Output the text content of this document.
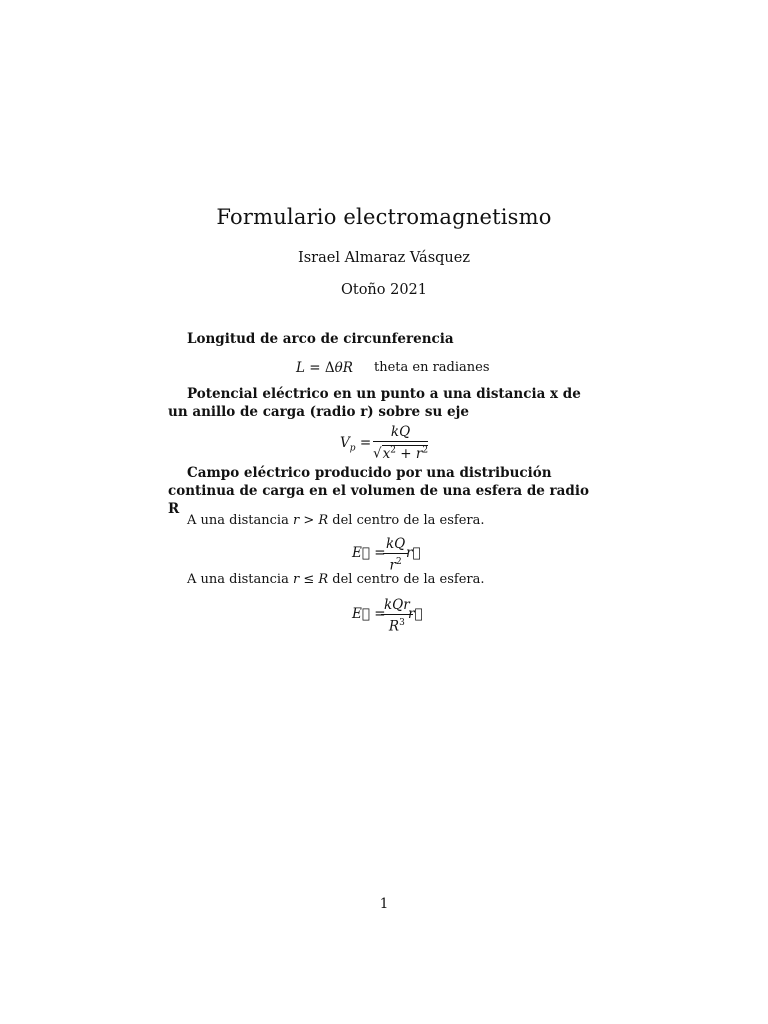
Formulario electromagnetismo
Israel Almaraz Vásquez
Otoño 2021
Longitud de arco de circunferencia
L = ΔθR theta en radianes
Potencial eléctrico en un punto a una distancia x de un anillo de carga (radio r) sobre su eje
$V_p = \frac{kQ}{√x^2 + r^2}$
Campo eléctrico producido por una distribución continua de carga en el volumen de una esfera de radio R
A una distancia r > R del centro de la esfera.
E⃗ =
$\frac{kQ}{r^2}$
r⃗
A una distancia r ≤ R del centro de la esfera.
E⃗ =
kQr
$R^3$
r⃗
1
